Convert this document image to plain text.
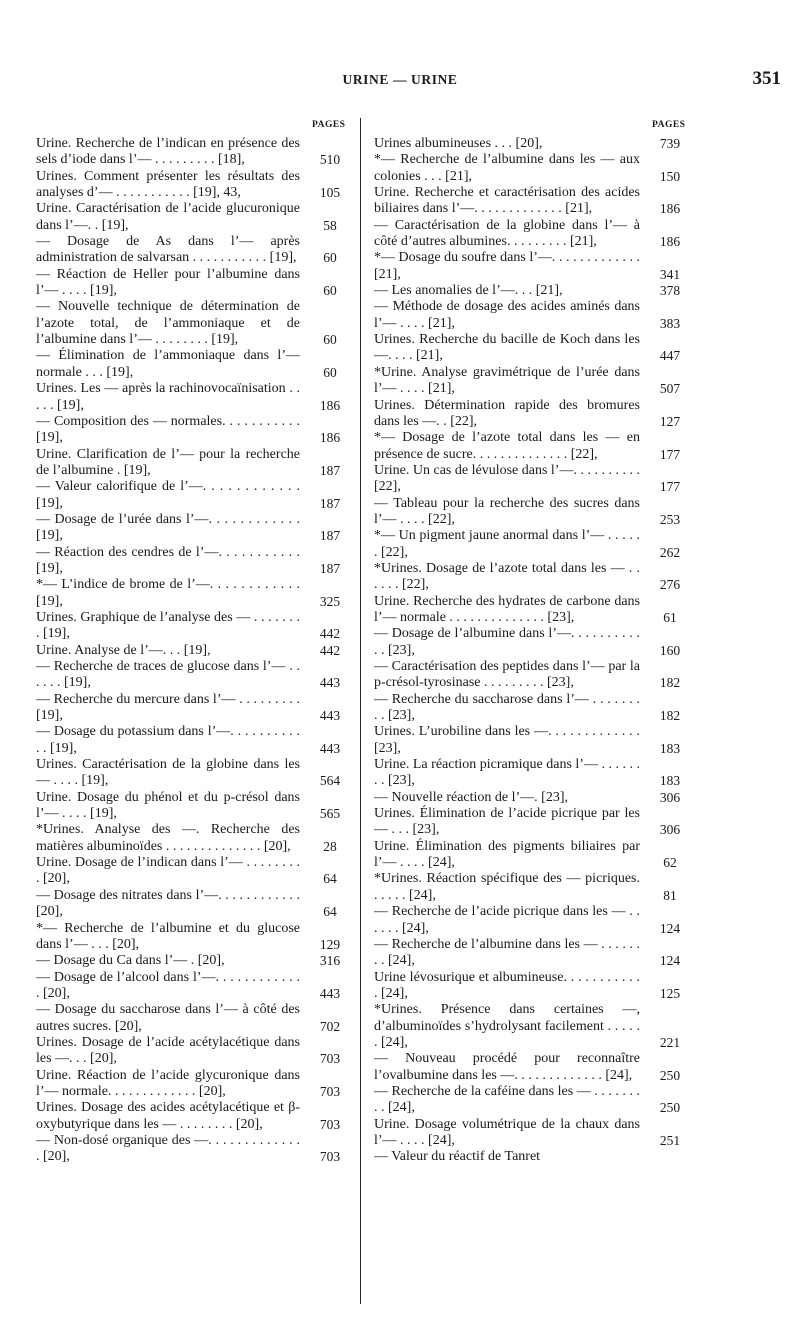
URINE — URINE	351
PAGES	PAGES
Urine. Recherche de l’indican en présence des sels d’iode dans l’— . . . . . . . . . [18],	510
Urines. Comment présenter les résultats des analyses d’— . . . . . . . . . . . [19], 43,	105
Urine. Caractérisation de l’acide glucuronique dans l’—. . [19],	58
— Dosage de As dans l’— après administration de salvarsan . . . . . . . . . . . [19],	60
— Réaction de Heller pour l’albumine dans l’— . . . . [19],	60
— Nouvelle technique de détermination de l’azote total, de l’ammoniaque et de l’albumine dans l’— . . . . . . . . [19],	60
— Élimination de l’ammoniaque dans l’— normale . . . [19],	60
Urines. Les — après la rachinovocaïnisation . . . . . [19],	186
— Composition des — normales. . . . . . . . . . . [19],	186
Urine. Clarification de l’— pour la recherche de l’albumine . [19],	187
— Valeur calorifique de l’—. . . . . . . . . . . . [19],	187
— Dosage de l’urée dans l’—. . . . . . . . . . . . [19],	187
— Réaction des cendres de l’—. . . . . . . . . . . [19],	187
*— L’indice de brome de l’—. . . . . . . . . . . . [19],	325
Urines. Graphique de l’analyse des — . . . . . . . . [19],	442
Urine. Analyse de l’—. . . [19],	442
— Recherche de traces de glucose dans l’— . . . . . . [19],	443
— Recherche du mercure dans l’— . . . . . . . . . [19],	443
— Dosage du potassium dans l’—. . . . . . . . . . . . [19],	443
Urines. Caractérisation de la globine dans les — . . . . [19],	564
Urine. Dosage du phénol et du p-crésol dans l’— . . . . [19],	565
*Urines. Analyse des —. Recherche des matières albuminoïdes . . . . . . . . . . . . . . [20],	28
Urine. Dosage de l’indican dans l’— . . . . . . . . . [20],	64
— Dosage des nitrates dans l’—. . . . . . . . . . . . [20],	64
*— Recherche de l’albumine et du glucose dans l’— . . . [20],	129
— Dosage du Ca dans l’— . [20],	316
— Dosage de l’alcool dans l’—. . . . . . . . . . . . . [20],	443
— Dosage du saccharose dans l’— à côté des autres sucres. [20],	702
Urines. Dosage de l’acide acétylacétique dans les —. . . [20],	703
Urine. Réaction de l’acide glycuronique dans l’— normale. . . . . . . . . . . . . [20],	703
Urines. Dosage des acides acétylacétique et β-oxybutyrique dans les — . . . . . . . . [20],	703
— Non-dosé organique des —. . . . . . . . . . . . . . [20],	703
Urines albumineuses . . . [20],	739
*— Recherche de l’albumine dans les — aux colonies . . . [21],	150
Urine. Recherche et caractérisation des acides biliaires dans l’—. . . . . . . . . . . . . [21],	186
— Caractérisation de la globine dans l’— à côté d’autres albumines. . . . . . . . . [21],	186
*— Dosage du soufre dans l’—. . . . . . . . . . . . . [21],	341
— Les anomalies de l’—. . . [21],	378
— Méthode de dosage des acides aminés dans l’— . . . . [21],	383
Urines. Recherche du bacille de Koch dans les —. . . . [21],	447
*Urine. Analyse gravimétrique de l’urée dans l’— . . . . [21],	507
Urines. Détermination rapide des bromures dans les —. . [22],	127
*— Dosage de l’azote total dans les — en présence de sucre. . . . . . . . . . . . . . [22],	177
Urine. Un cas de lévulose dans l’—. . . . . . . . . . [22],	177
— Tableau pour la recherche des sucres dans l’— . . . . [22],	253
*— Un pigment jaune anormal dans l’— . . . . . . [22],	262
*Urines. Dosage de l’azote total dans les — . . . . . . [22],	276
Urine. Recherche des hydrates de carbone dans l’— normale . . . . . . . . . . . . . . [23],	61
— Dosage de l’albumine dans l’—. . . . . . . . . . . . [23],	160
— Caractérisation des peptides dans l’— par la p-crésol-tyrosinase . . . . . . . . . [23],	182
— Recherche du saccharose dans l’— . . . . . . . . . [23],	182
Urines. L’urobiline dans les —. . . . . . . . . . . . . [23],	183
Urine. La réaction picramique dans l’— . . . . . . . . [23],	183
— Nouvelle réaction de l’—. [23],	306
Urines. Élimination de l’acide picrique par les — . . . [23],	306
Urine. Élimination des pigments biliaires par l’— . . . . [24],	62
*Urines. Réaction spécifique des — picriques. . . . . . [24],	81
— Recherche de l’acide picrique dans les — . . . . . . [24],	124
— Recherche de l’albumine dans les — . . . . . . . . [24],	124
Urine lévosurique et albumineuse. . . . . . . . . . . . [24],	125
*Urines. Présence dans certaines —, d’albuminoïdes s’hydrolysant facilement . . . . . . [24],	221
— Nouveau procédé pour reconnaître l’ovalbumine dans les —. . . . . . . . . . . . . [24],	250
— Recherche de la caféine dans les — . . . . . . . . . [24],	250
Urine. Dosage volumétrique de la chaux dans l’— . . . . [24],	251
— Valeur du réactif de Tanret
